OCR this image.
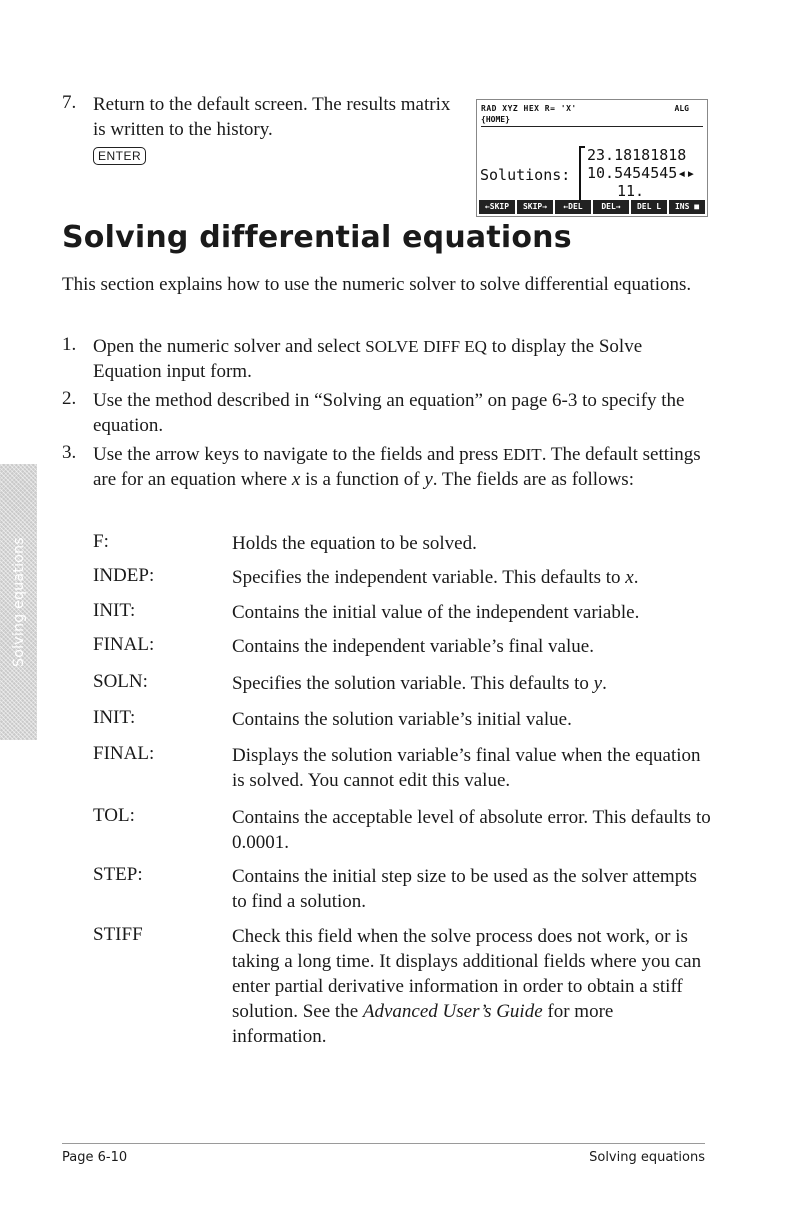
7. Return to the default screen. The results matrix is written to the history.
ENTER
RAD XYZ HEX R= 'X'	ALG
{HOME}
Solutions:
23.18181818
10.5454545◂▸
11.
←SKIP	SKIP→	←DEL	DEL→	DEL L	INS ■
Solving differential equations
This section explains how to use the numeric solver to solve differential equations.
1. Open the numeric solver and select SOLVE DIFF EQ to display the Solve Equation input form.
2. Use the method described in “Solving an equation” on page 6-3 to specify the equation.
3. Use the arrow keys to navigate to the fields and press EDIT. The default settings are for an equation where x is a function of y. The fields are as follows:
F:	Holds the equation to be solved.
INDEP:	Specifies the independent variable. This defaults to x.
INIT:	Contains the initial value of the independent variable.
FINAL:	Contains the independent variable’s final value.
SOLN:	Specifies the solution variable. This defaults to y.
INIT:	Contains the solution variable’s initial value.
FINAL:	Displays the solution variable’s final value when the equation is solved. You cannot edit this value.
TOL:	Contains the acceptable level of absolute error. This defaults to 0.0001.
STEP:	Contains the initial step size to be used as the solver attempts to find a solution.
STIFF	Check this field when the solve process does not work, or is taking a long time. It displays additional fields where you can enter partial derivative information in order to obtain a stiff solution. See the Advanced User’s Guide for more information.
Solving equations
Page 6-10	Solving equations
